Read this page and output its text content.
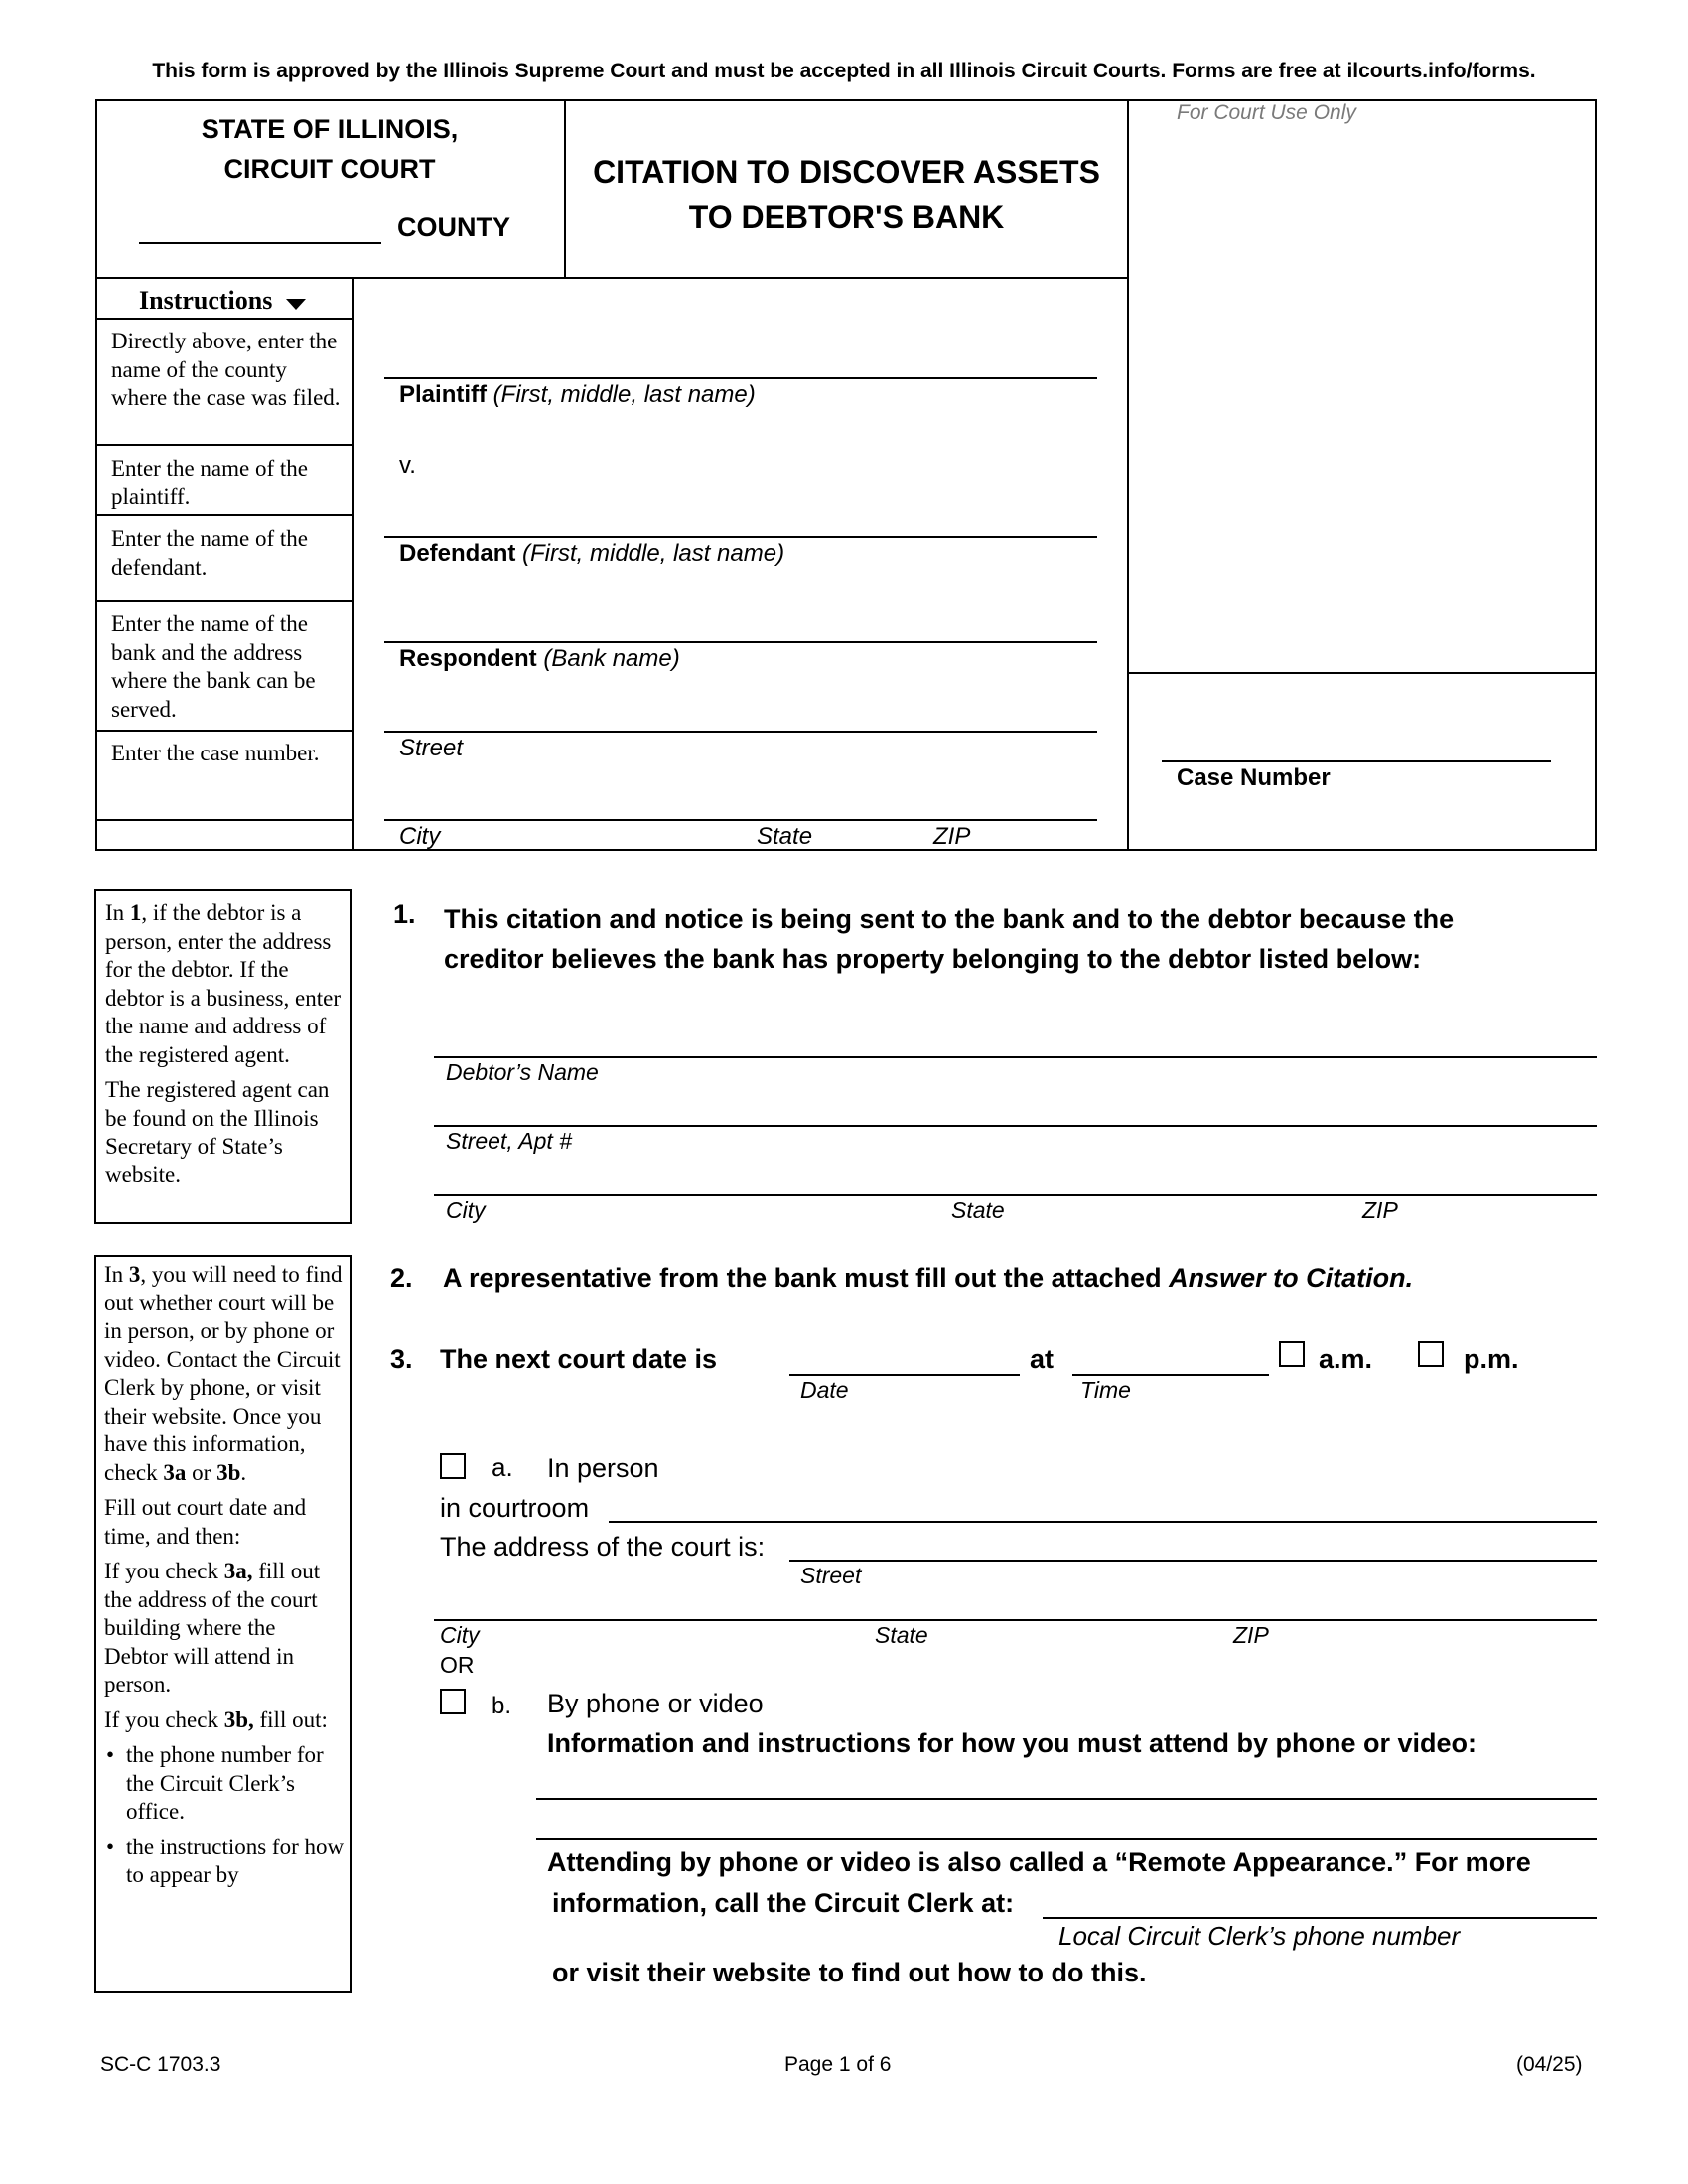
This form is approved by the Illinois Supreme Court and must be accepted in all Illinois Circuit Courts. Forms are free at ilcourts.info/forms.
STATE OF ILLINOIS,
CIRCUIT COURT
COUNTY
CITATION TO DISCOVER ASSETS
TO DEBTOR'S BANK
For Court Use Only
Case Number
Instructions
Directly above, enter the name of the county where the case was filed.
Enter the name of the plaintiff.
Enter the name of the defendant.
Enter the name of the bank and the address where the bank can be served.
Enter the case number.
Plaintiff (First, middle, last name)
v.
Defendant (First, middle, last name)
Respondent (Bank name)
Street
City	State	ZIP

In 1, if the debtor is a person, enter the address for the debtor. If the debtor is a business, enter the name and address of the registered agent.

The registered agent can be found on the Illinois Secretary of State’s website.

In 3, you will need to find out whether court will be in person, or by phone or video. Contact the Circuit Clerk by phone, or visit their website. Once you have this information, check 3a or 3b.

Fill out court date and time, and then:

If you check 3a, fill out the address of the court building where the Debtor will attend in person.

If you check 3b, fill out:

• the phone number for the Circuit Clerk’s office.
• the instructions for how to appear by
1. This citation and notice is being sent to the bank and to the debtor because the
creditor believes the bank has property belonging to the debtor listed below:
Debtor’s Name
Street, Apt #
City	State	ZIP
2. A representative from the bank must fill out the attached Answer to Citation.
3. The next court date is
Date
at
Time
a.m.	p.m.
a. In person
in courtroom
The address of the court is:
Street
City	State	ZIP
OR
b. By phone or video
Information and instructions for how you must attend by phone or video:
Attending by phone or video is also called a “Remote Appearance.” For more
information, call the Circuit Clerk at:
Local Circuit Clerk’s phone number
or visit their website to find out how to do this.
SC-C 1703.3	Page 1 of 6	(04/25)
